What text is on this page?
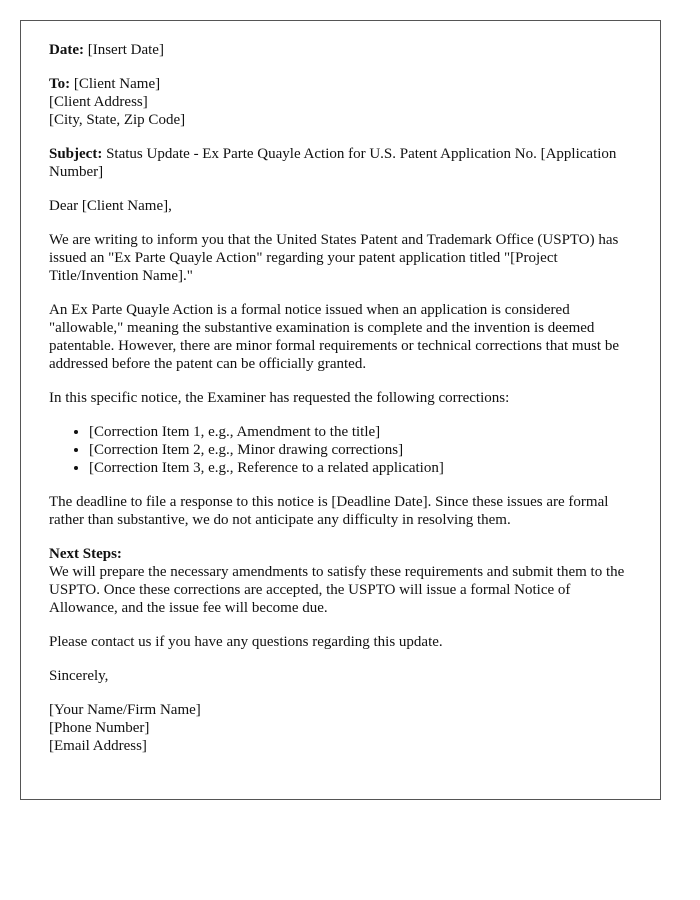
Date: [Insert Date]

To: [Client Name]
[Client Address]
[City, State, Zip Code]

Subject: Status Update - Ex Parte Quayle Action for U.S. Patent Application No. [Application Number]

Dear [Client Name],

We are writing to inform you that the United States Patent and Trademark Office (USPTO) has issued an "Ex Parte Quayle Action" regarding your patent application titled "[Project Title/Invention Name]."

An Ex Parte Quayle Action is a formal notice issued when an application is considered "allowable," meaning the substantive examination is complete and the invention is deemed patentable. However, there are minor formal requirements or technical corrections that must be addressed before the patent can be officially granted.

In this specific notice, the Examiner has requested the following corrections:

• [Correction Item 1, e.g., Amendment to the title]
• [Correction Item 2, e.g., Minor drawing corrections]
• [Correction Item 3, e.g., Reference to a related application]

The deadline to file a response to this notice is [Deadline Date]. Since these issues are formal rather than substantive, we do not anticipate any difficulty in resolving them.

Next Steps:
We will prepare the necessary amendments to satisfy these requirements and submit them to the USPTO. Once these corrections are accepted, the USPTO will issue a formal Notice of Allowance, and the issue fee will become due.

Please contact us if you have any questions regarding this update.

Sincerely,

[Your Name/Firm Name]
[Phone Number]
[Email Address]
